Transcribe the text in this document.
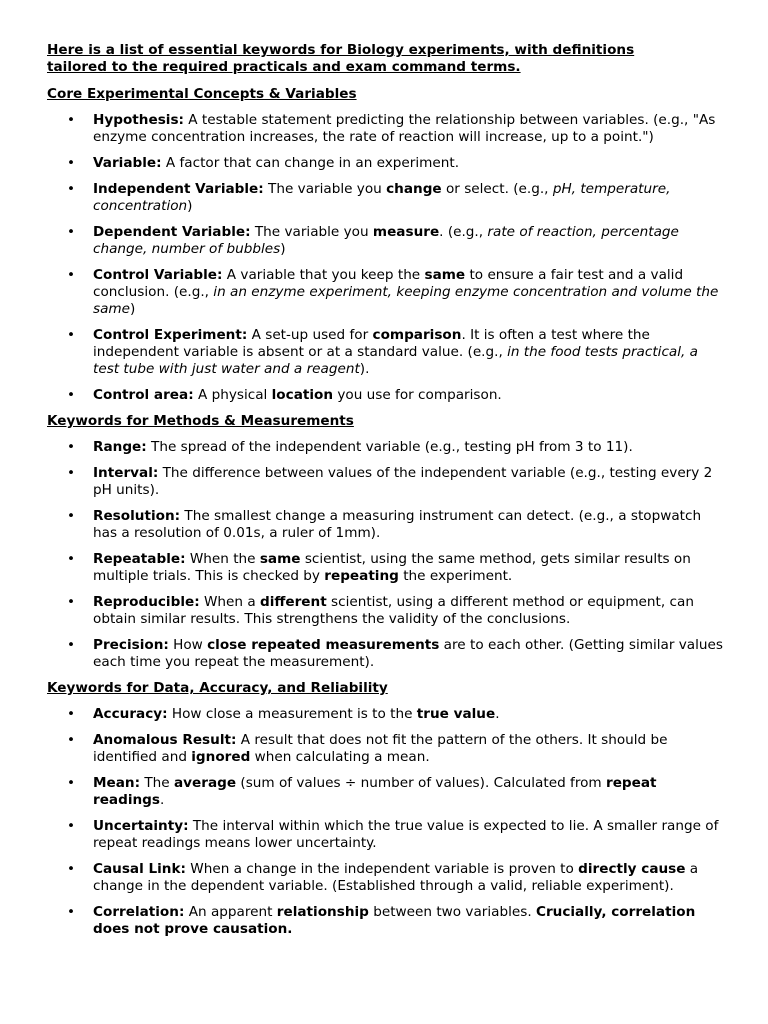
Here is a list of essential keywords for Biology experiments, with definitions tailored to the required practicals and exam command terms.

Core Experimental Concepts & Variables

• Hypothesis: A testable statement predicting the relationship between variables. (e.g., "As enzyme concentration increases, the rate of reaction will increase, up to a point.")
• Variable: A factor that can change in an experiment.
• Independent Variable: The variable you change or select. (e.g., pH, temperature, concentration)
• Dependent Variable: The variable you measure. (e.g., rate of reaction, percentage change, number of bubbles)
• Control Variable: A variable that you keep the same to ensure a fair test and a valid conclusion. (e.g., in an enzyme experiment, keeping enzyme concentration and volume the same)
• Control Experiment: A set-up used for comparison. It is often a test where the independent variable is absent or at a standard value. (e.g., in the food tests practical, a test tube with just water and a reagent).
• Control area: A physical location you use for comparison.

Keywords for Methods & Measurements

• Range: The spread of the independent variable (e.g., testing pH from 3 to 11).
• Interval: The difference between values of the independent variable (e.g., testing every 2 pH units).
• Resolution: The smallest change a measuring instrument can detect. (e.g., a stopwatch has a resolution of 0.01s, a ruler of 1mm).
• Repeatable: When the same scientist, using the same method, gets similar results on multiple trials. This is checked by repeating the experiment.
• Reproducible: When a different scientist, using a different method or equipment, can obtain similar results. This strengthens the validity of the conclusions.
• Precision: How close repeated measurements are to each other. (Getting similar values each time you repeat the measurement).

Keywords for Data, Accuracy, and Reliability

• Accuracy: How close a measurement is to the true value.
• Anomalous Result: A result that does not fit the pattern of the others. It should be identified and ignored when calculating a mean.
• Mean: The average (sum of values ÷ number of values). Calculated from repeat readings.
• Uncertainty: The interval within which the true value is expected to lie. A smaller range of repeat readings means lower uncertainty.
• Causal Link: When a change in the independent variable is proven to directly cause a change in the dependent variable. (Established through a valid, reliable experiment).
• Correlation: An apparent relationship between two variables. Crucially, correlation does not prove causation.
